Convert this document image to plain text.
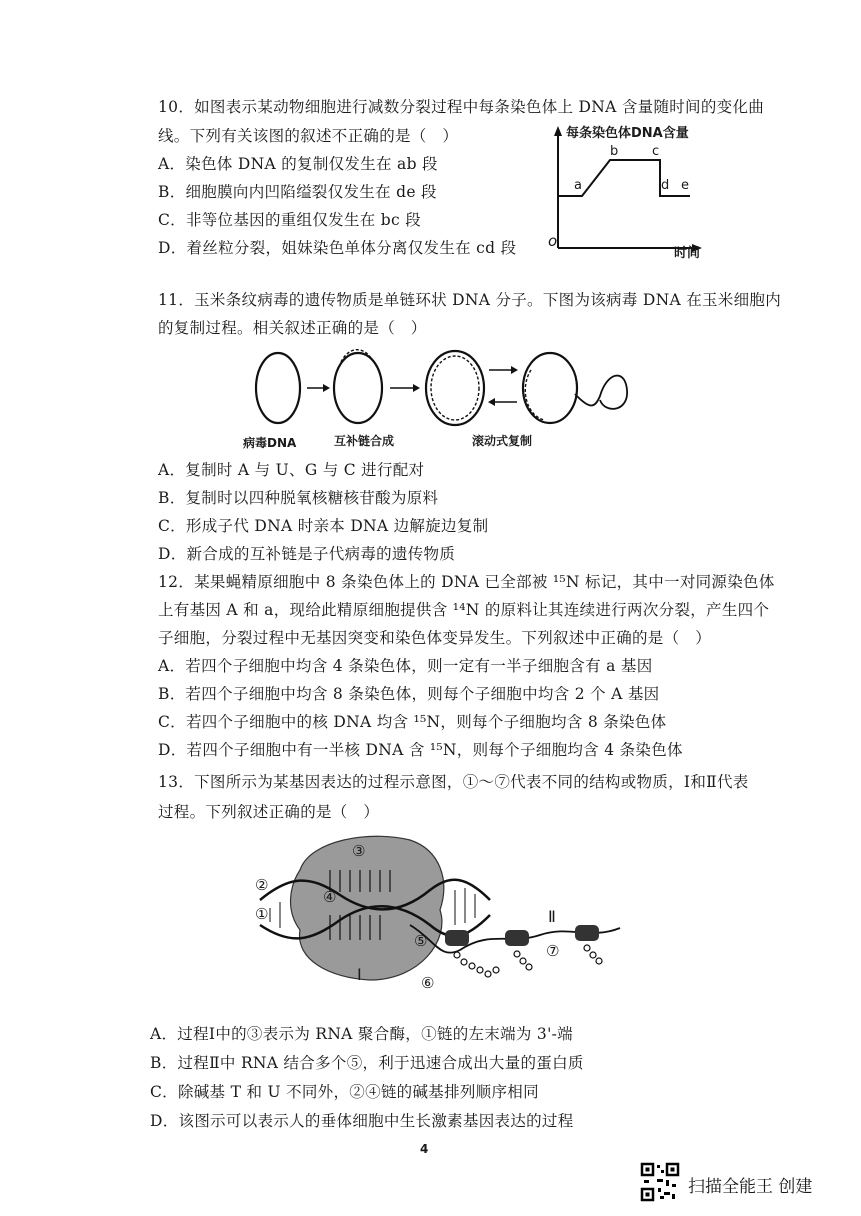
10．如图表示某动物细胞进行减数分裂过程中每条染色体上 DNA 含量随时间的变化曲
线。下列有关该图的叙述不正确的是（　）
A．染色体 DNA 的复制仅发生在 ab 段
B．细胞膜向内凹陷缢裂仅发生在 de 段
C．非等位基因的重组仅发生在 bc 段
D．着丝粒分裂，姐妹染色单体分离仅发生在 cd 段
每条染色体DNA含量
时间
o
a
b	c
d e
11．玉米条纹病毒的遗传物质是单链环状 DNA 分子。下图为该病毒 DNA 在玉米细胞内
的复制过程。相关叙述正确的是（　）
病毒DNA	互补链合成	滚动式复制
A．复制时 A 与 U、G 与 C 进行配对
B．复制时以四种脱氧核糖核苷酸为原料
C．形成子代 DNA 时亲本 DNA 边解旋边复制
D．新合成的互补链是子代病毒的遗传物质
12．某果蝇精原细胞中 8 条染色体上的 DNA 已全部被 ¹⁵N 标记，其中一对同源染色体
上有基因 A 和 a，现给此精原细胞提供含 ¹⁴N 的原料让其连续进行两次分裂，产生四个
子细胞，分裂过程中无基因突变和染色体变异发生。下列叙述中正确的是（　）
A．若四个子细胞中均含 4 条染色体，则一定有一半子细胞含有 a 基因
B．若四个子细胞中均含 8 条染色体，则每个子细胞中均含 2 个 A 基因
C．若四个子细胞中的核 DNA 均含 ¹⁵N，则每个子细胞均含 8 条染色体
D．若四个子细胞中有一半核 DNA 含 ¹⁵N，则每个子细胞均含 4 条染色体
13．下图所示为某基因表达的过程示意图，①～⑦代表不同的结构或物质，Ⅰ和Ⅱ代表
过程。下列叙述正确的是（　）
①
②
③
④
⑤
⑥
⑦
Ⅰ
Ⅱ
A．过程Ⅰ中的③表示为 RNA 聚合酶，①链的左末端为 3'-端
B．过程Ⅱ中 RNA 结合多个⑤，利于迅速合成出大量的蛋白质
C．除碱基 T 和 U 不同外，②④链的碱基排列顺序相同
D．该图示可以表示人的垂体细胞中生长激素基因表达的过程
4
扫描全能王 创建
